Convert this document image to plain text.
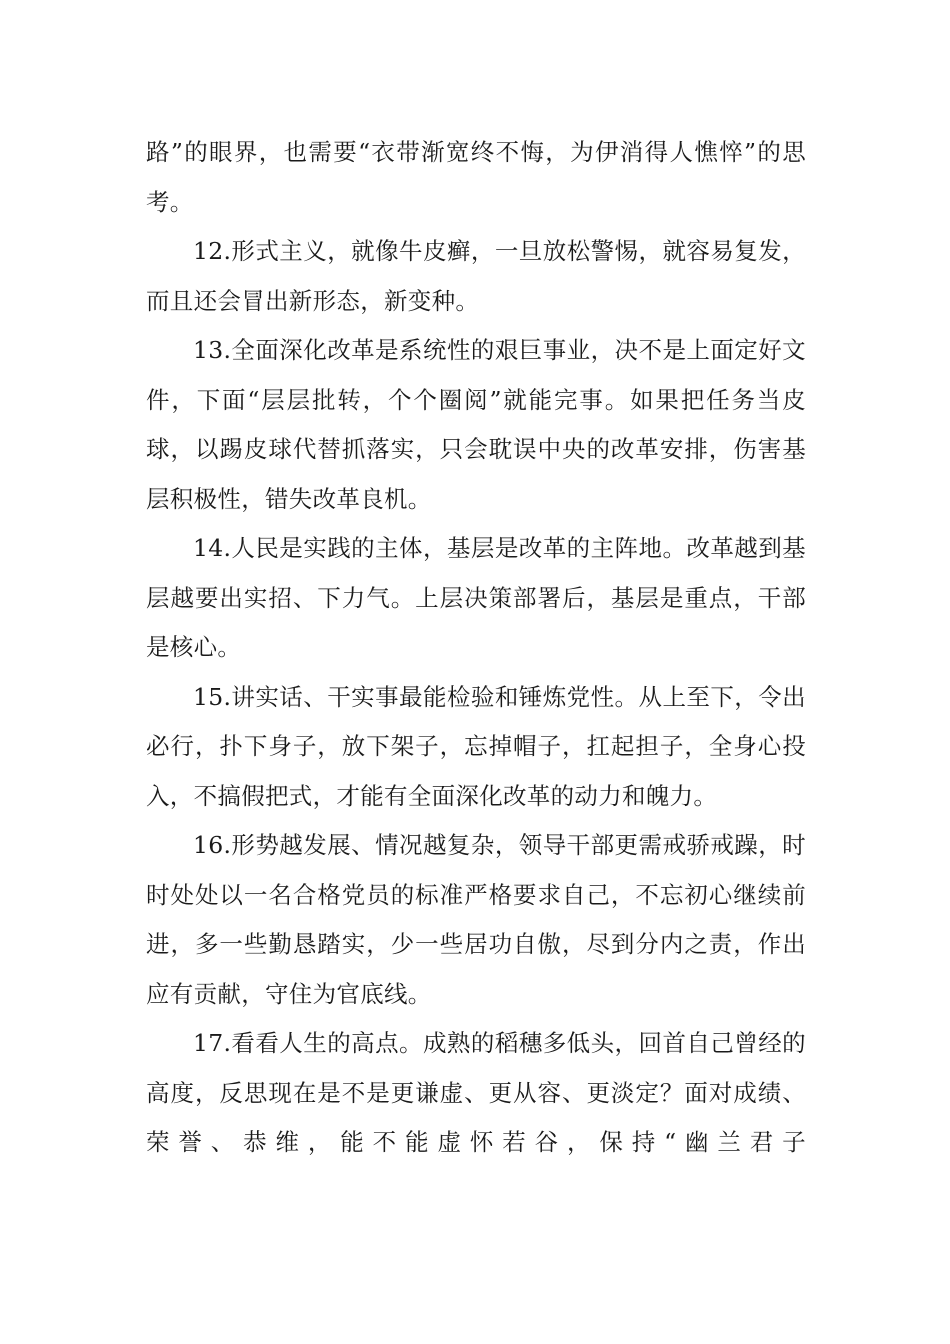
路”的眼界，也需要“衣带渐宽终不悔，为伊消得人憔悴”的思考。

12.形式主义，就像牛皮癣，一旦放松警惕，就容易复发，而且还会冒出新形态，新变种。

13.全面深化改革是系统性的艰巨事业，决不是上面定好文件，下面“层层批转，个个圈阅”就能完事。如果把任务当皮球，以踢皮球代替抓落实，只会耽误中央的改革安排，伤害基层积极性，错失改革良机。

14.人民是实践的主体，基层是改革的主阵地。改革越到基层越要出实招、下力气。上层决策部署后，基层是重点，干部是核心。

15.讲实话、干实事最能检验和锤炼党性。从上至下，令出必行，扑下身子，放下架子，忘掉帽子，扛起担子，全身心投入，不搞假把式，才能有全面深化改革的动力和魄力。

16.形势越发展、情况越复杂，领导干部更需戒骄戒躁，时时处处以一名合格党员的标准严格要求自己，不忘初心继续前进，多一些勤恳踏实，少一些居功自傲，尽到分内之责，作出应有贡献，守住为官底线。

17.看看人生的高点。成熟的稻穗多低头，回首自己曾经的高度，反思现在是不是更谦虚、更从容、更淡定？面对成绩、荣誉、恭维，能不能虚怀若谷，保持“幽兰君子
